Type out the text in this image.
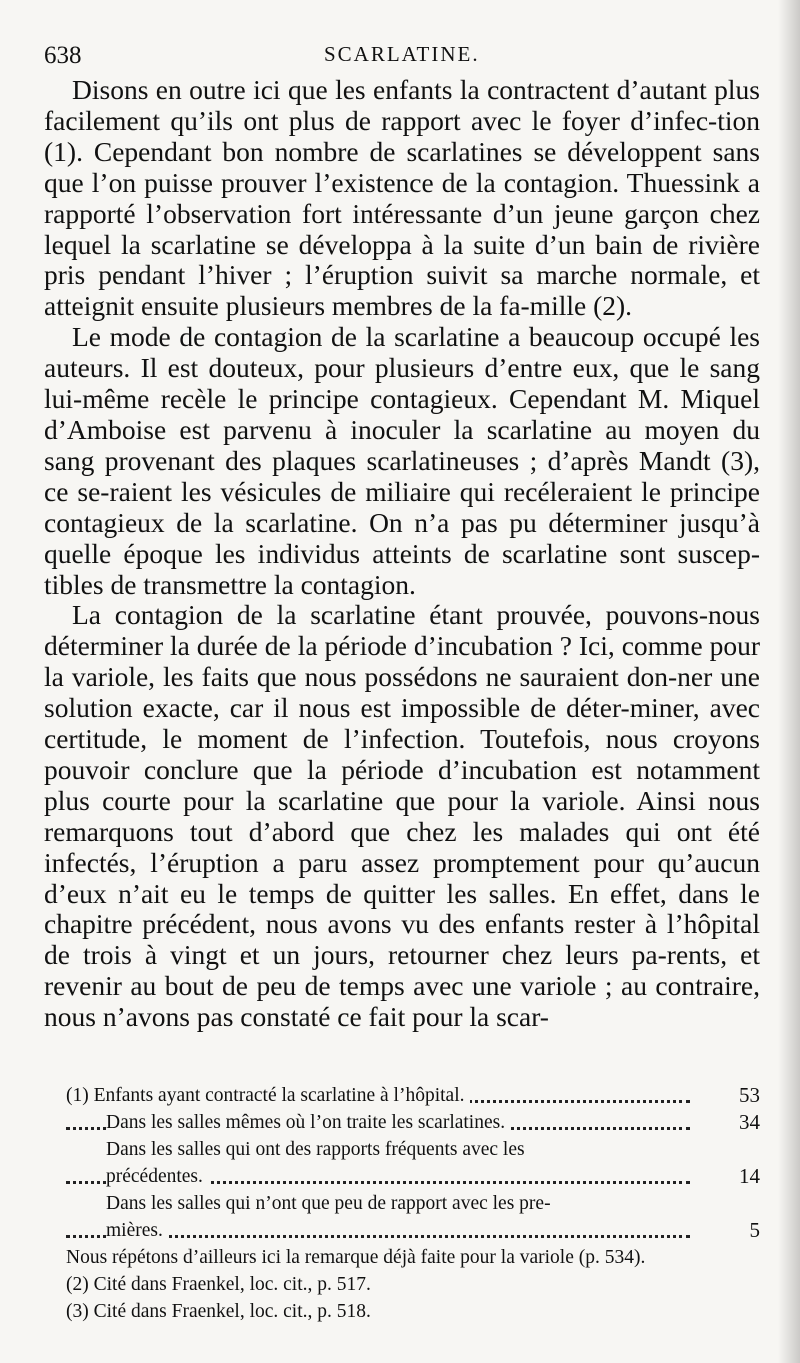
638	SCARLATINE.

Disons en outre ici que les enfants la contractent d’autant plus facilement qu’ils ont plus de rapport avec le foyer d’infec-tion (1). Cependant bon nombre de scarlatines se développent sans que l’on puisse prouver l’existence de la contagion. Thuessink a rapporté l’observation fort intéressante d’un jeune garçon chez lequel la scarlatine se développa à la suite d’un bain de rivière pris pendant l’hiver ; l’éruption suivit sa marche normale, et atteignit ensuite plusieurs membres de la fa-mille (2).

Le mode de contagion de la scarlatine a beaucoup occupé les auteurs. Il est douteux, pour plusieurs d’entre eux, que le sang lui-même recèle le principe contagieux. Cependant M. Miquel d’Amboise est parvenu à inoculer la scarlatine au moyen du sang provenant des plaques scarlatineuses ; d’après Mandt (3), ce se-raient les vésicules de miliaire qui recéleraient le principe contagieux de la scarlatine. On n’a pas pu déterminer jusqu’à quelle époque les individus atteints de scarlatine sont suscep-tibles de transmettre la contagion.

La contagion de la scarlatine étant prouvée, pouvons-nous déterminer la durée de la période d’incubation ? Ici, comme pour la variole, les faits que nous possédons ne sauraient don-ner une solution exacte, car il nous est impossible de déter-miner, avec certitude, le moment de l’infection. Toutefois, nous croyons pouvoir conclure que la période d’incubation est notamment plus courte pour la scarlatine que pour la variole. Ainsi nous remarquons tout d’abord que chez les malades qui ont été infectés, l’éruption a paru assez promptement pour qu’aucun d’eux n’ait eu le temps de quitter les salles. En effet, dans le chapitre précédent, nous avons vu des enfants rester à l’hôpital de trois à vingt et un jours, retourner chez leurs pa-rents, et revenir au bout de peu de temps avec une variole ; au contraire, nous n’avons pas constaté ce fait pour la scar-

(1) Enfants ayant contracté la scarlatine à l’hôpital.	53
Dans les salles mêmes où l’on traite les scarlatines.	34
Dans les salles qui ont des rapports fréquents avec les
précédentes.	14
Dans les salles qui n’ont que peu de rapport avec les pre-
mières.	5
Nous répétons d’ailleurs ici la remarque déjà faite pour la variole (p. 534).
(2) Cité dans Fraenkel, loc. cit., p. 517.
(3) Cité dans Fraenkel, loc. cit., p. 518.
